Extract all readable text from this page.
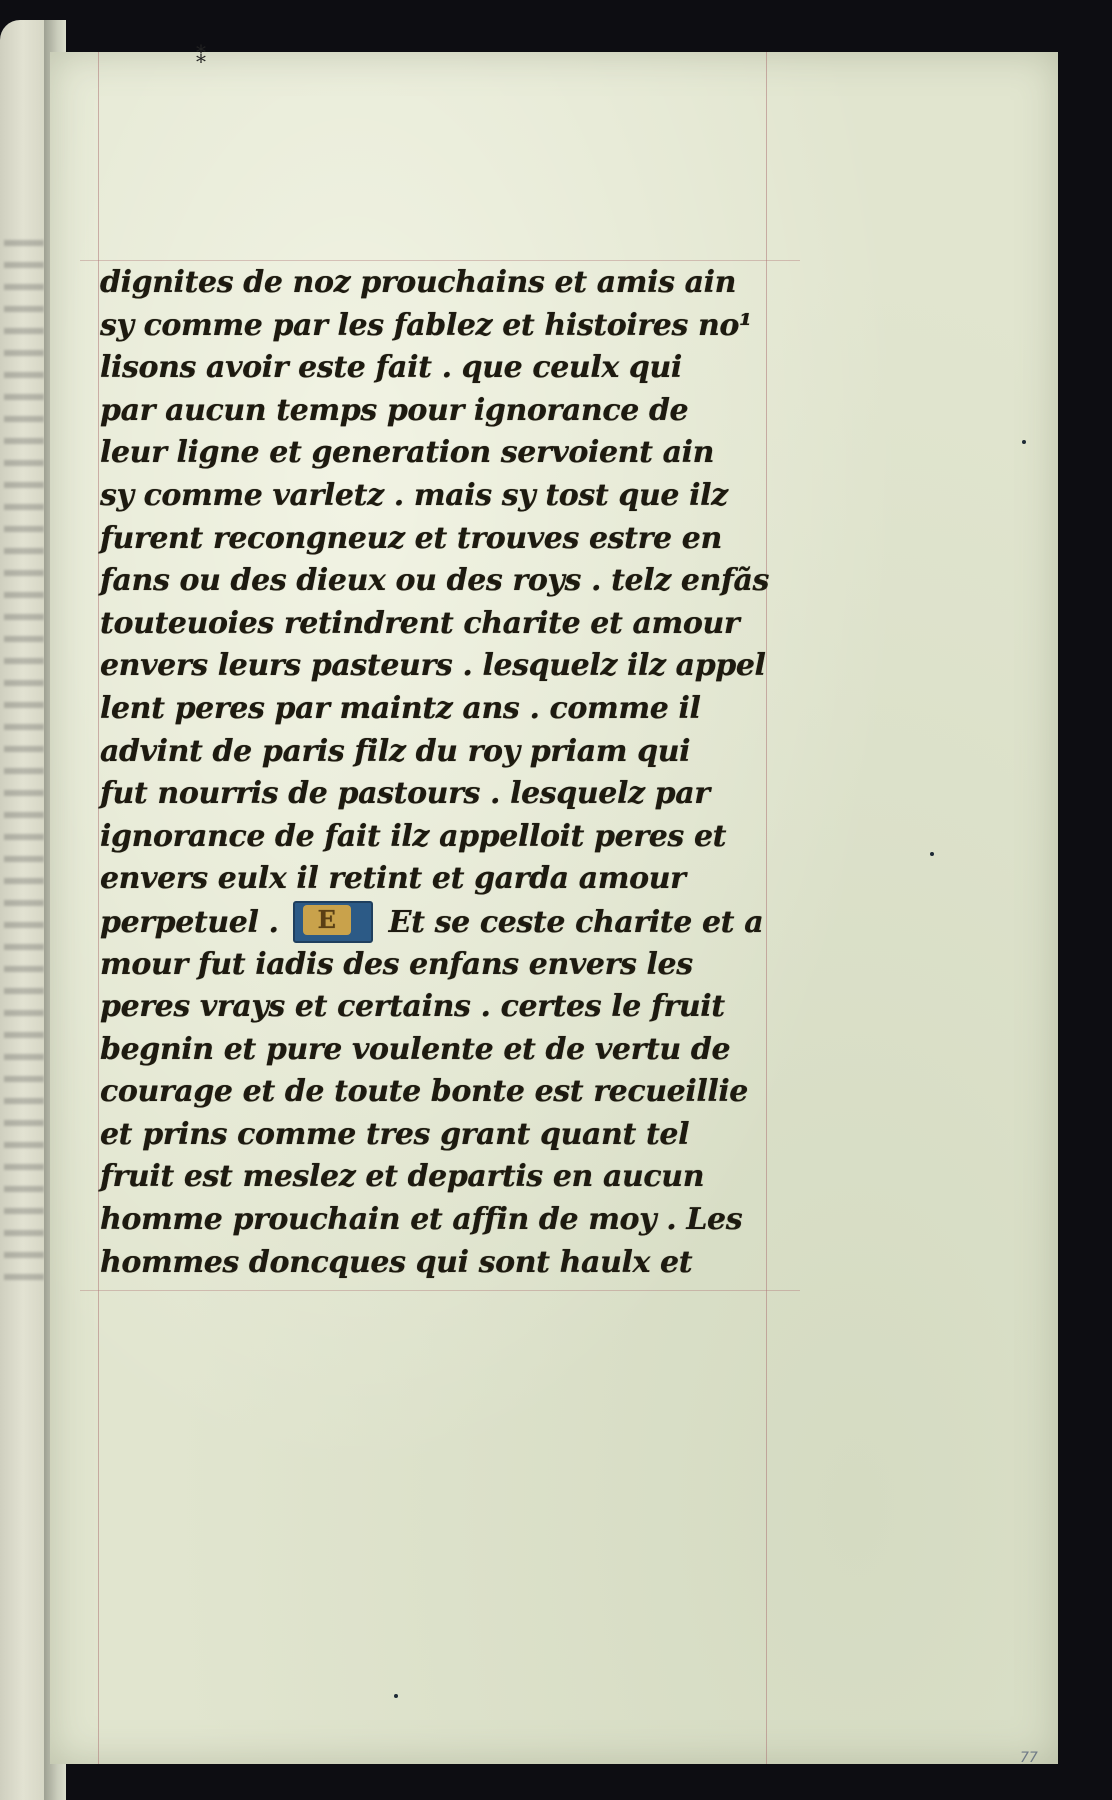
⁑
dignites de noz prouchains et amis ain
sy comme par les fablez et histoires no¹
lisons avoir este fait . que ceulx qui
par aucun temps pour ignorance de
leur ligne et generation servoient ain
sy comme varletz . mais sy tost que ilz
furent recongneuz et trouves estre en
fans ou des dieux ou des roys . telz enfãs
touteuoies retindrent charite et amour
envers leurs pasteurs . lesquelz ilz appel
lent peres par maintz ans . comme il
advint de paris filz du roy priam qui
fut nourris de pastours . lesquelz par
ignorance de fait ilz appelloit peres et
envers eulx il retint et garda amour
perpetuel .	E	Et se ceste charite et a
mour fut iadis des enfans envers les
peres vrays et certains . certes le fruit
begnin et pure voulente et de vertu de
courage et de toute bonte est recueillie
et prins comme tres grant quant tel
fruit est meslez et departis en aucun
homme prouchain et affin de moy . Les
hommes doncques qui sont haulx et
77
